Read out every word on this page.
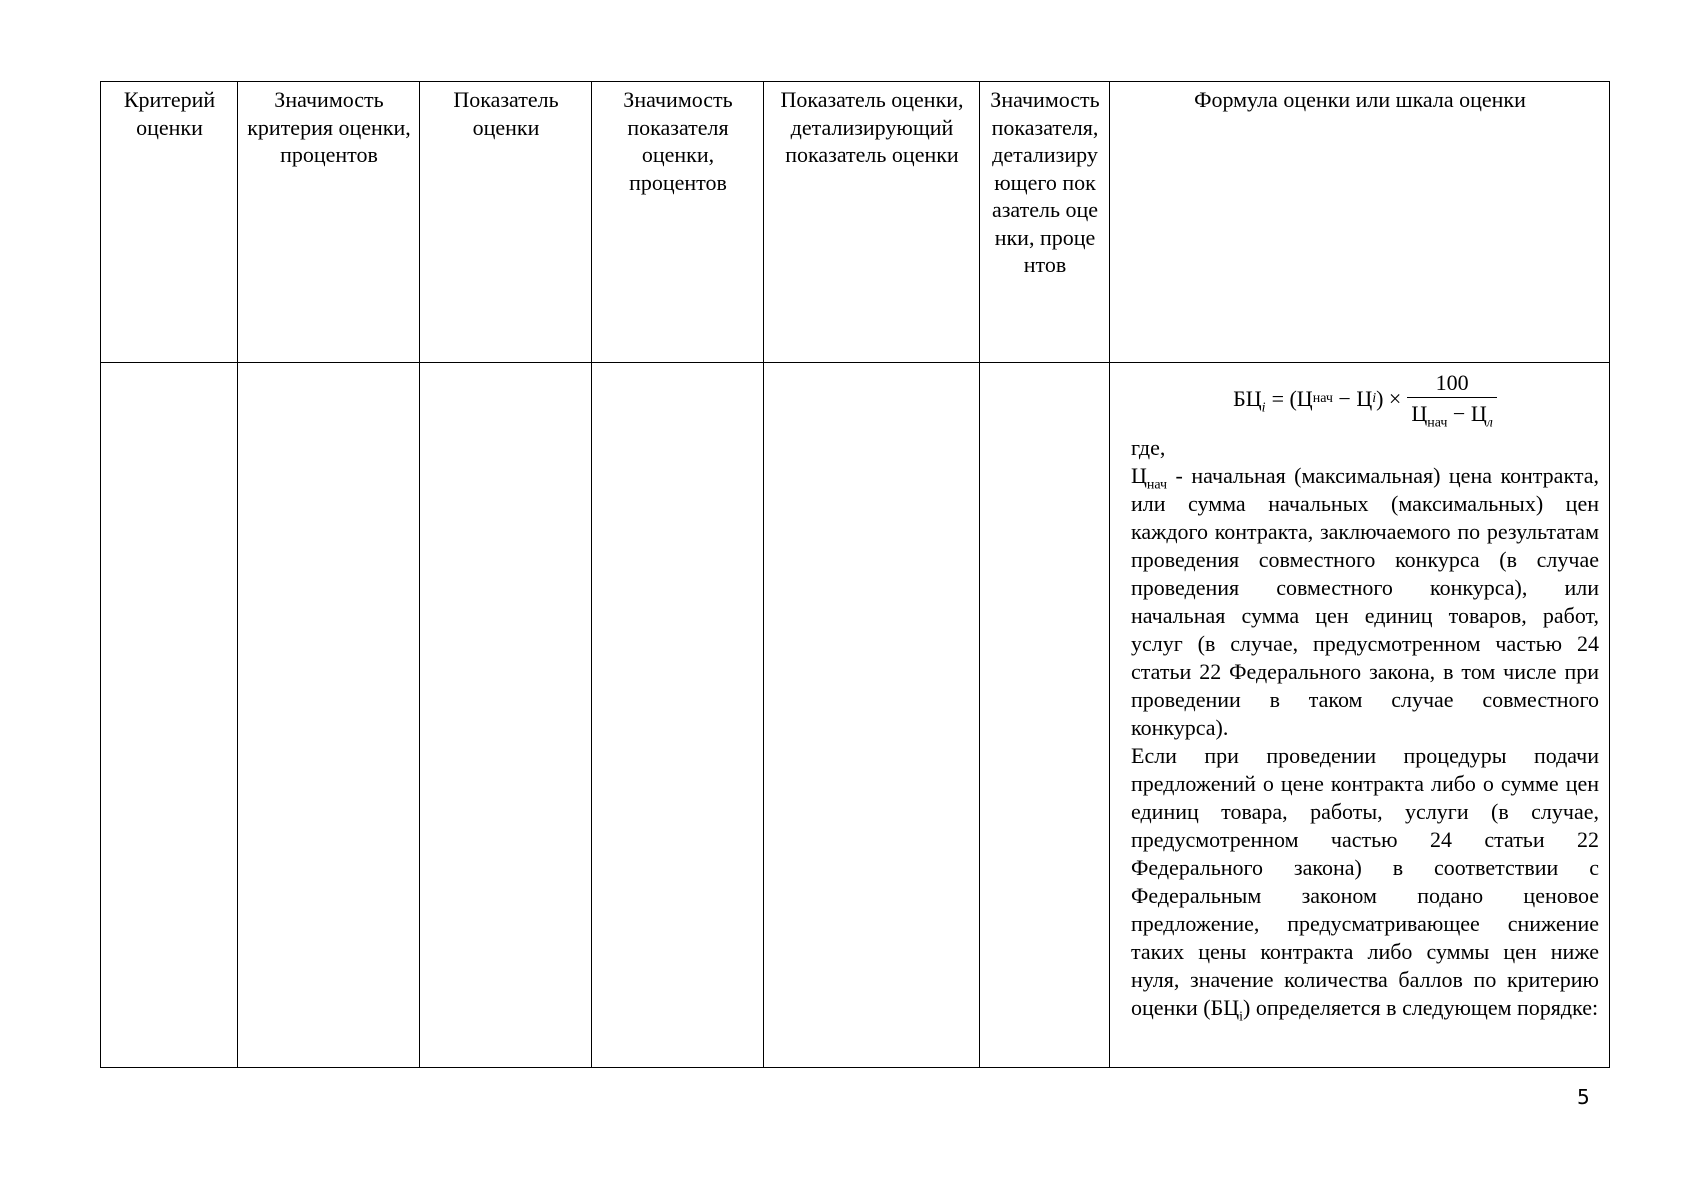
Критерий оценки
Значимость критерия оценки, процентов
Показатель оценки
Значимость показателя оценки, процентов
Показатель оценки, детализирующий показатель оценки
Значимость показателя, детализирующего показатель оценки, процентов
Формула оценки или шкала оценки
$БЦ_i$ =
(Ц нач
−
Ц i )
× $\frac{100}{Ц_{нач} - Ц_л}$

где,

$Ц_{нач}$ - начальная (максимальная) цена контракта, или сумма начальных (максимальных) цен каждого контракта, заключаемого по результатам проведения совместного конкурса (в случае проведения совместного конкурса), или начальная сумма цен единиц товаров, работ, услуг (в случае, предусмотренном частью 24 статьи 22 Федерального закона, в том числе при проведении в таком случае совместного конкурса).

Если при проведении процедуры подачи предложений о цене контракта либо о сумме цен единиц товара, работы, услуги (в случае, предусмотренном частью 24 статьи 22 Федерального закона) в соответствии с Федеральным законом подано ценовое предложение, предусматривающее снижение таких цены контракта либо суммы цен ниже нуля, значение количества баллов по критерию оценки $(БЦ_i)$ определяется в следующем порядке:

5
